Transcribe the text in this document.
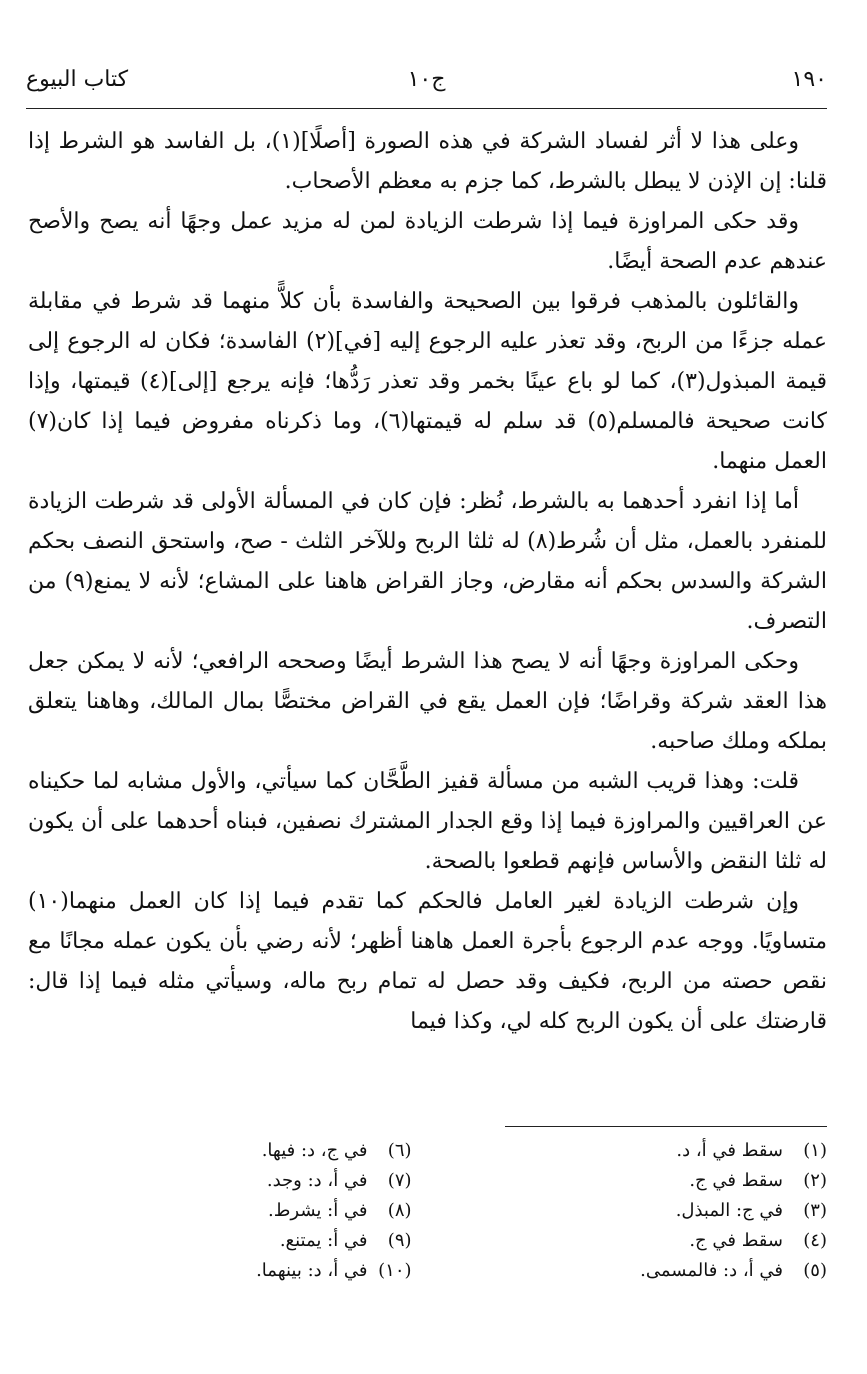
١٩٠
ج١٠
كتاب البيوع

وعلى هذا لا أثر لفساد الشركة في هذه الصورة [أصلًا](١)، بل الفاسد هو الشرط إذا قلنا: إن الإذن لا يبطل بالشرط، كما جزم به معظم الأصحاب.

وقد حكى المراوزة فيما إذا شرطت الزيادة لمن له مزيد عمل وجهًا أنه يصح والأصح عندهم عدم الصحة أيضًا.

والقائلون بالمذهب فرقوا بين الصحيحة والفاسدة بأن كلاًّ منهما قد شرط في مقابلة عمله جزءًا من الربح، وقد تعذر عليه الرجوع إليه [في](٢) الفاسدة؛ فكان له الرجوع إلى قيمة المبذول(٣)، كما لو باع عينًا بخمر وقد تعذر رَدُّها؛ فإنه يرجع [إلى](٤) قيمتها، وإذا كانت صحيحة فالمسلم(٥) قد سلم له قيمتها(٦)، وما ذكرناه مفروض فيما إذا كان(٧) العمل منهما.

أما إذا انفرد أحدهما به بالشرط، نُظر: فإن كان في المسألة الأولى قد شرطت الزيادة للمنفرد بالعمل، مثل أن شُرط(٨) له ثلثا الربح وللآخر الثلث - صح، واستحق النصف بحكم الشركة والسدس بحكم أنه مقارض، وجاز القراض هاهنا على المشاع؛ لأنه لا يمنع(٩) من التصرف.

وحكى المراوزة وجهًا أنه لا يصح هذا الشرط أيضًا وصححه الرافعي؛ لأنه لا يمكن جعل هذا العقد شركة وقراضًا؛ فإن العمل يقع في القراض مختصًّا بمال المالك، وهاهنا يتعلق بملكه وملك صاحبه.

قلت: وهذا قريب الشبه من مسألة قفيز الطَّحَّان كما سيأتي، والأول مشابه لما حكيناه عن العراقيين والمراوزة فيما إذا وقع الجدار المشترك نصفين، فبناه أحدهما على أن يكون له ثلثا النقض والأساس فإنهم قطعوا بالصحة.

وإن شرطت الزيادة لغير العامل فالحكم كما تقدم فيما إذا كان العمل منهما(١٠) متساويًا. ووجه عدم الرجوع بأجرة العمل هاهنا أظهر؛ لأنه رضي بأن يكون عمله مجانًا مع نقص حصته من الربح، فكيف وقد حصل له تمام ربح ماله، وسيأتي مثله فيما إذا قال: قارضتك على أن يكون الربح كله لي، وكذا فيما

(١)سقط في أ، د.
(٢)سقط في ج.
(٣)في ج: المبذل.
(٤)سقط في ج.
(٥)في أ، د: فالمسمى.
(٦)في ج، د: فيها.
(٧)في أ، د: وجد.
(٨)في أ: يشرط.
(٩)في أ: يمتنع.
(١٠)في أ، د: بينهما.
